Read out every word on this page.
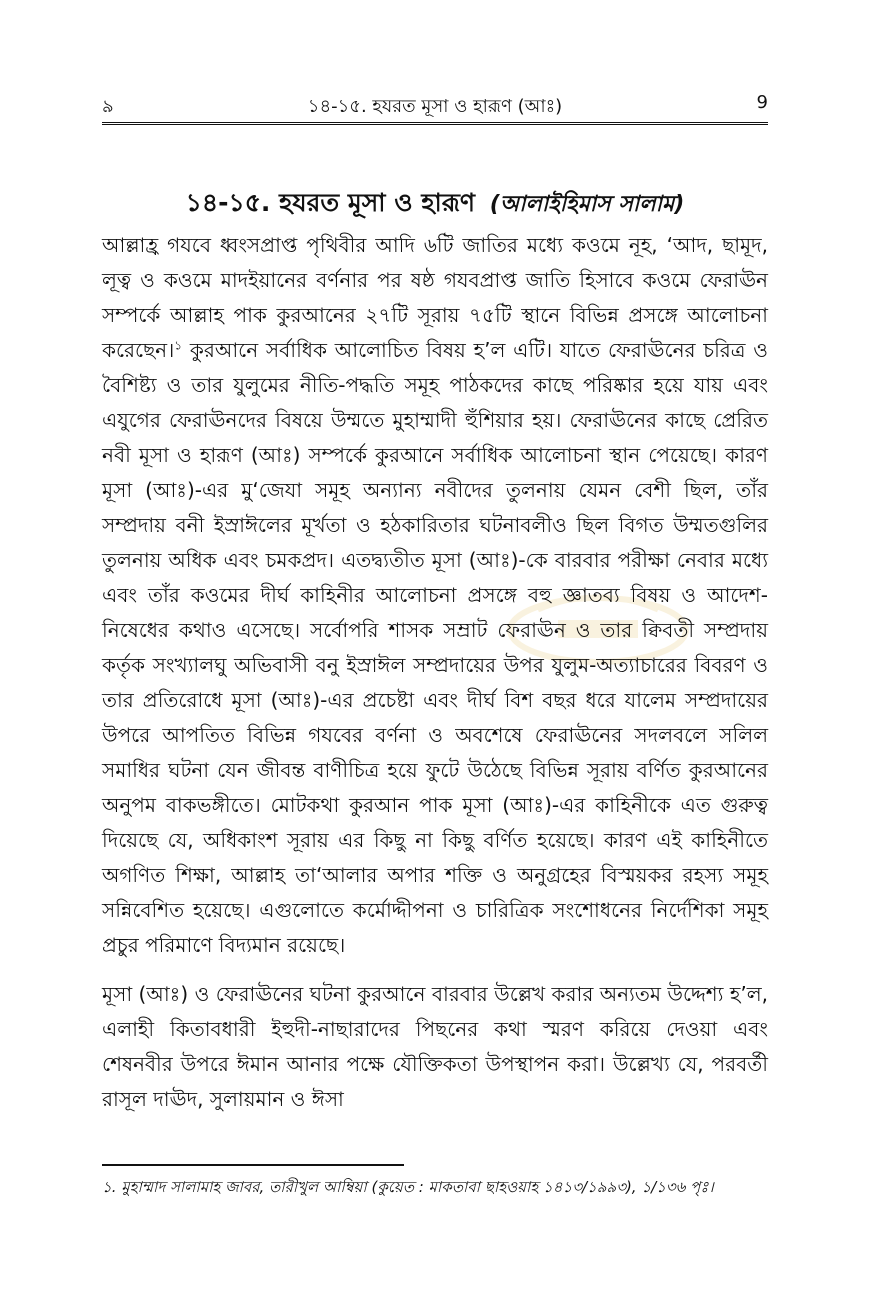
৯	১৪-১৫. হযরত মূসা ও হারূণ (আঃ)	9
১৪-১৫. হযরত মূসা ও হারূণ (আলাইহিমাস সালাম)

আল্লাহ্র গযবে ধ্বংসপ্রাপ্ত পৃথিবীর আদি ৬টি জাতির মধ্যে কওমে নূহ, ‘আদ, ছামূদ, লূত্ব ও কওমে মাদইয়ানের বর্ণনার পর ষষ্ঠ গযবপ্রাপ্ত জাতি হিসাবে কওমে ফেরাঊন সম্পর্কে আল্লাহ পাক কুরআনের ২৭টি সূরায় ৭৫টি স্থানে বিভিন্ন প্রসঙ্গে আলোচনা করেছেন।$^১$ কুরআনে সর্বাধিক আলোচিত বিষয় হ’ল এটি। যাতে ফেরাঊনের চরিত্র ও বৈশিষ্ট্য ও তার যুলুমের নীতি-পদ্ধতি সমূহ পাঠকদের কাছে পরিষ্কার হয়ে যায় এবং এযুগের ফেরাঊনদের বিষয়ে উম্মতে মুহাম্মাদী হুঁশিয়ার হয়। ফেরাঊনের কাছে প্রেরিত নবী মূসা ও হারূণ (আঃ) সম্পর্কে কুরআনে সর্বাধিক আলোচনা স্থান পেয়েছে। কারণ মূসা (আঃ)-এর মু‘জেযা সমূহ অন্যান্য নবীদের তুলনায় যেমন বেশী ছিল, তাঁর সম্প্রদায় বনী ইস্রাঈলের মূর্খতা ও হঠকারিতার ঘটনাবলীও ছিল বিগত উম্মতগুলির তুলনায় অধিক এবং চমকপ্রদ। এতদ্ব্যতীত মূসা (আঃ)-কে বারবার পরীক্ষা নেবার মধ্যে এবং তাঁর কওমের দীর্ঘ কাহিনীর আলোচনা প্রসঙ্গে বহু জ্ঞাতব্য বিষয় ও আদেশ-নিষেধের কথাও এসেছে। সর্বোপরি শাসক সম্রাট ফেরাঊন ও তার ক্বিবতী সম্প্রদায় কর্তৃক সংখ্যালঘু অভিবাসী বনু ইস্রাঈল সম্প্রদায়ের উপর যুলুম-অত্যাচারের বিবরণ ও তার প্রতিরোধে মূসা (আঃ)-এর প্রচেষ্টা এবং দীর্ঘ বিশ বছর ধরে যালেম সম্প্রদায়ের উপরে আপতিত বিভিন্ন গযবের বর্ণনা ও অবশেষে ফেরাঊনের সদলবলে সলিল সমাধির ঘটনা যেন জীবন্ত বাণীচিত্র হয়ে ফুটে উঠেছে বিভিন্ন সূরায় বর্ণিত কুরআনের অনুপম বাকভঙ্গীতে। মোটকথা কুরআন পাক মূসা (আঃ)-এর কাহিনীকে এত গুরুত্ব দিয়েছে যে, অধিকাংশ সূরায় এর কিছু না কিছু বর্ণিত হয়েছে। কারণ এই কাহিনীতে অগণিত শিক্ষা, আল্লাহ তা‘আলার অপার শক্তি ও অনুগ্রহের বিস্ময়কর রহস্য সমূহ সন্নিবেশিত হয়েছে। এগুলোতে কর্মোদ্দীপনা ও চারিত্রিক সংশোধনের নির্দেশিকা সমূহ প্রচুর পরিমাণে বিদ্যমান রয়েছে।

মূসা (আঃ) ও ফেরাঊনের ঘটনা কুরআনে বারবার উল্লেখ করার অন্যতম উদ্দেশ্য হ’ল, এলাহী কিতাবধারী ইহুদী-নাছারাদের পিছনের কথা স্মরণ করিয়ে দেওয়া এবং শেষনবীর উপরে ঈমান আনার পক্ষে যৌক্তিকতা উপস্থাপন করা। উল্লেখ্য যে, পরবর্তী রাসূল দাঊদ, সুলায়মান ও ঈসা

১. মুহাম্মাদ সালামাহ জাবর, তারীখুল আম্বিয়া (কুয়েত : মাকতাবা ছাহওয়াহ ১৪১৩/১৯৯৩), ১/১৩৬ পৃঃ।
